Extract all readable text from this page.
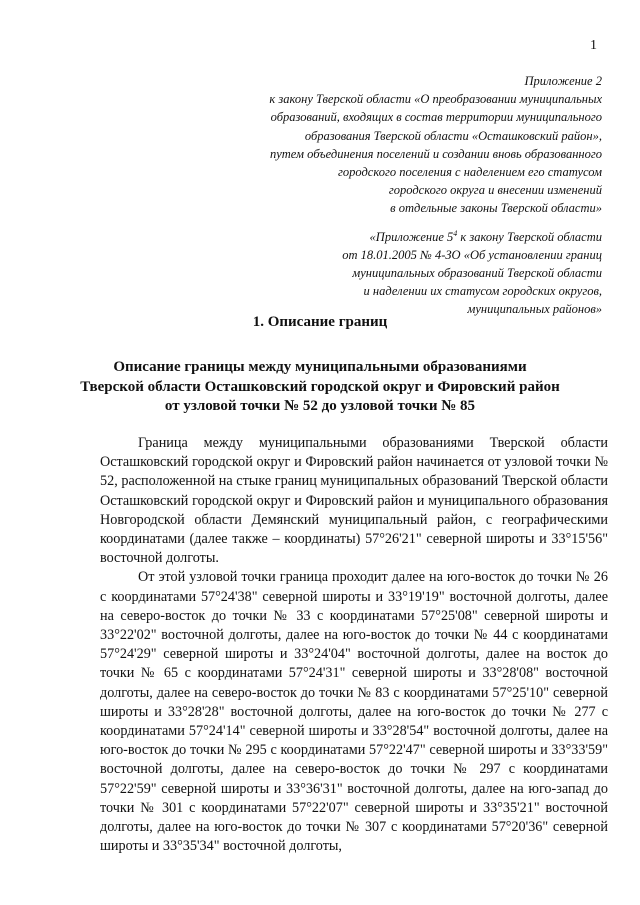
1
Приложение 2
к закону Тверской области «О преобразовании муниципальных
образований, входящих в состав территории муниципального
образования Тверской области «Осташковский район»,
путем объединения поселений и создании вновь образованного
городского поселения с наделением его статусом
городского округа и внесении изменений
в отдельные законы Тверской области»
«Приложение $5^4$ к закону Тверской области
от 18.01.2005 № 4-ЗО «Об установлении границ
муниципальных образований Тверской области
и наделении их статусом городских округов,
муниципальных районов»
1. Описание границ
Описание границы между муниципальными образованиями
Тверской области Осташковский городской округ и Фировский район
от узловой точки № 52 до узловой точки № 85

Граница между муниципальными образованиями Тверской области Осташковский городской округ и Фировский район начинается от узловой точки № 52, расположенной на стыке границ муниципальных образований Тверской области Осташковский городской округ и Фировский район и муниципального образования Новгородской области Демянский муниципальный район, с географическими координатами (далее также – координаты) 57°26'21" северной широты и 33°15'56" восточной долготы.

От этой узловой точки граница проходит далее на юго-восток до точки № 26 с координатами 57°24'38" северной широты и 33°19'19" восточной долготы, далее на северо-восток до точки № 33 с координатами 57°25'08" северной широты и 33°22'02" восточной долготы, далее на юго-восток до точки № 44 с координатами 57°24'29" северной широты и 33°24'04" восточной долготы, далее на восток до точки № 65 с координатами 57°24'31" северной широты и 33°28'08" восточной долготы, далее на северо-восток до точки № 83 с координатами 57°25'10" северной широты и 33°28'28" восточной долготы, далее на юго-восток до точки № 277 с координатами 57°24'14" северной широты и 33°28'54" восточной долготы, далее на юго-восток до точки № 295 с координатами 57°22'47" северной широты и 33°33'59" восточной долготы, далее на северо-восток до точки № 297 с координатами 57°22'59" северной широты и 33°36'31" восточной долготы, далее на юго-запад до точки № 301 с координатами 57°22'07" северной широты и 33°35'21" восточной долготы, далее на юго-восток до точки № 307 с координатами 57°20'36" северной широты и 33°35'34" восточной долготы,
